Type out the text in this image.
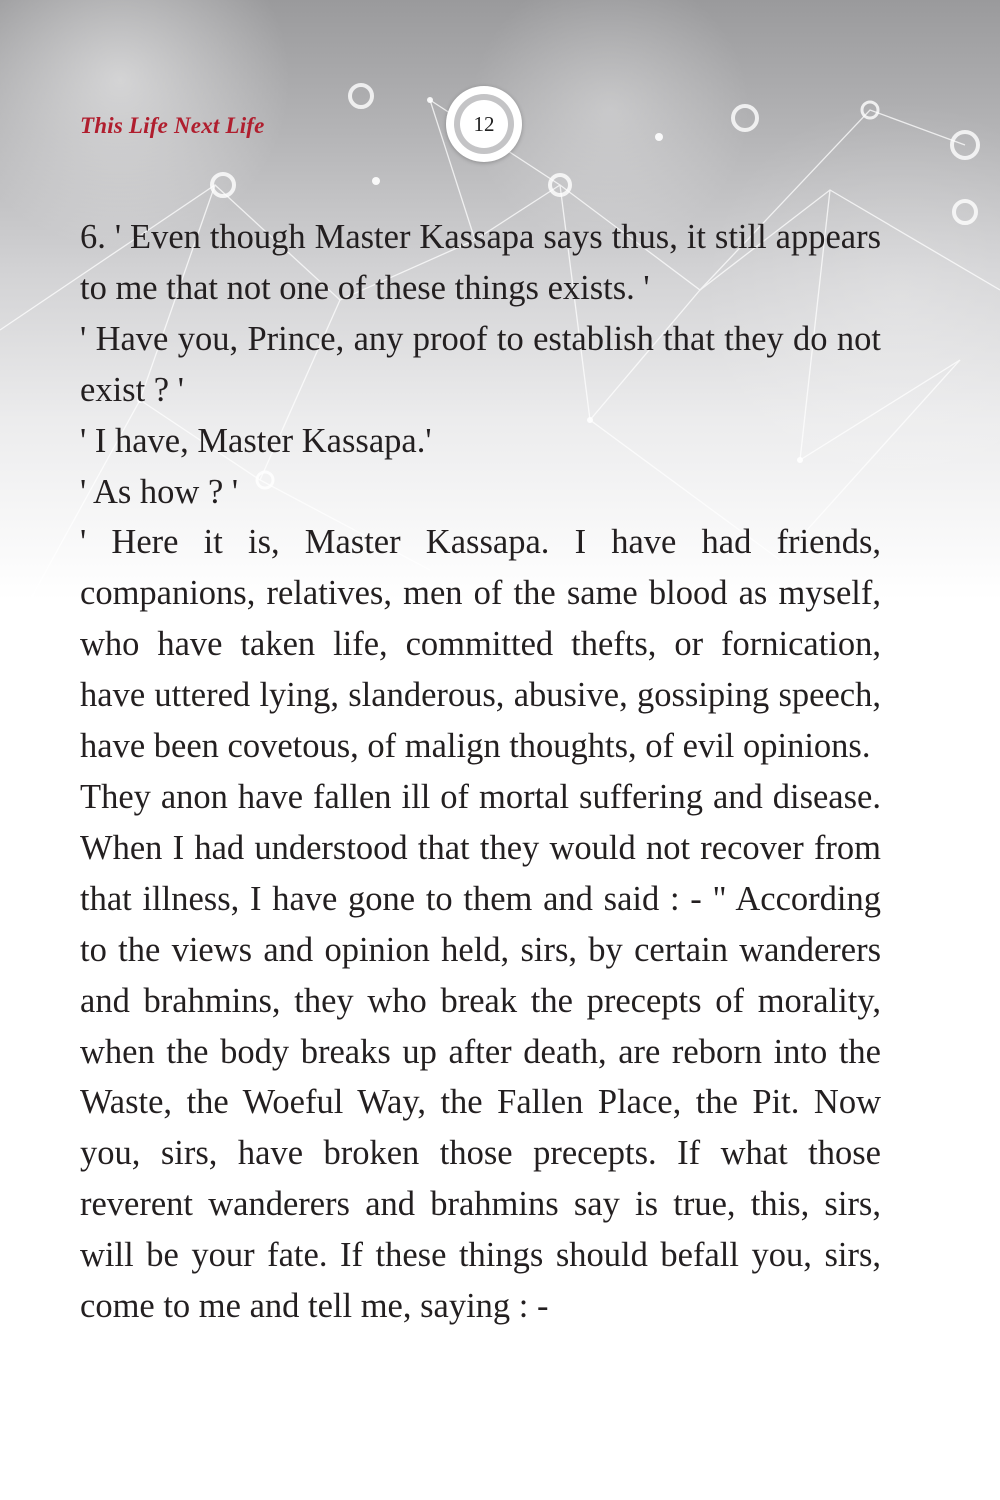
This Life Next Life	12

6. ' Even though Master Kassapa says thus, it still appears to me that not one of these things exists. '

' Have you, Prince, any proof to establish that they do not exist ? '

' I have, Master Kassapa.'

' As how ? '

' Here it is, Master Kassapa. I have had friends, companions, relatives, men of the same blood as myself, who have taken life, committed thefts, or fornication, have uttered lying, slanderous, abusive, gossiping speech, have been covetous, of malign thoughts, of evil opinions.

They anon have fallen ill of mortal suffering and disease. When I had understood that they would not recover from that illness, I have gone to them and said : - " According to the views and opinion held, sirs, by certain wanderers and brahmins, they who break the precepts of morality, when the body breaks up after death, are reborn into the Waste, the Woeful Way, the Fallen Place, the Pit. Now you, sirs, have broken those precepts. If what those reverent wanderers and brahmins say is true, this, sirs, will be your fate. If these things should befall you, sirs, come to me and tell me, saying : -
